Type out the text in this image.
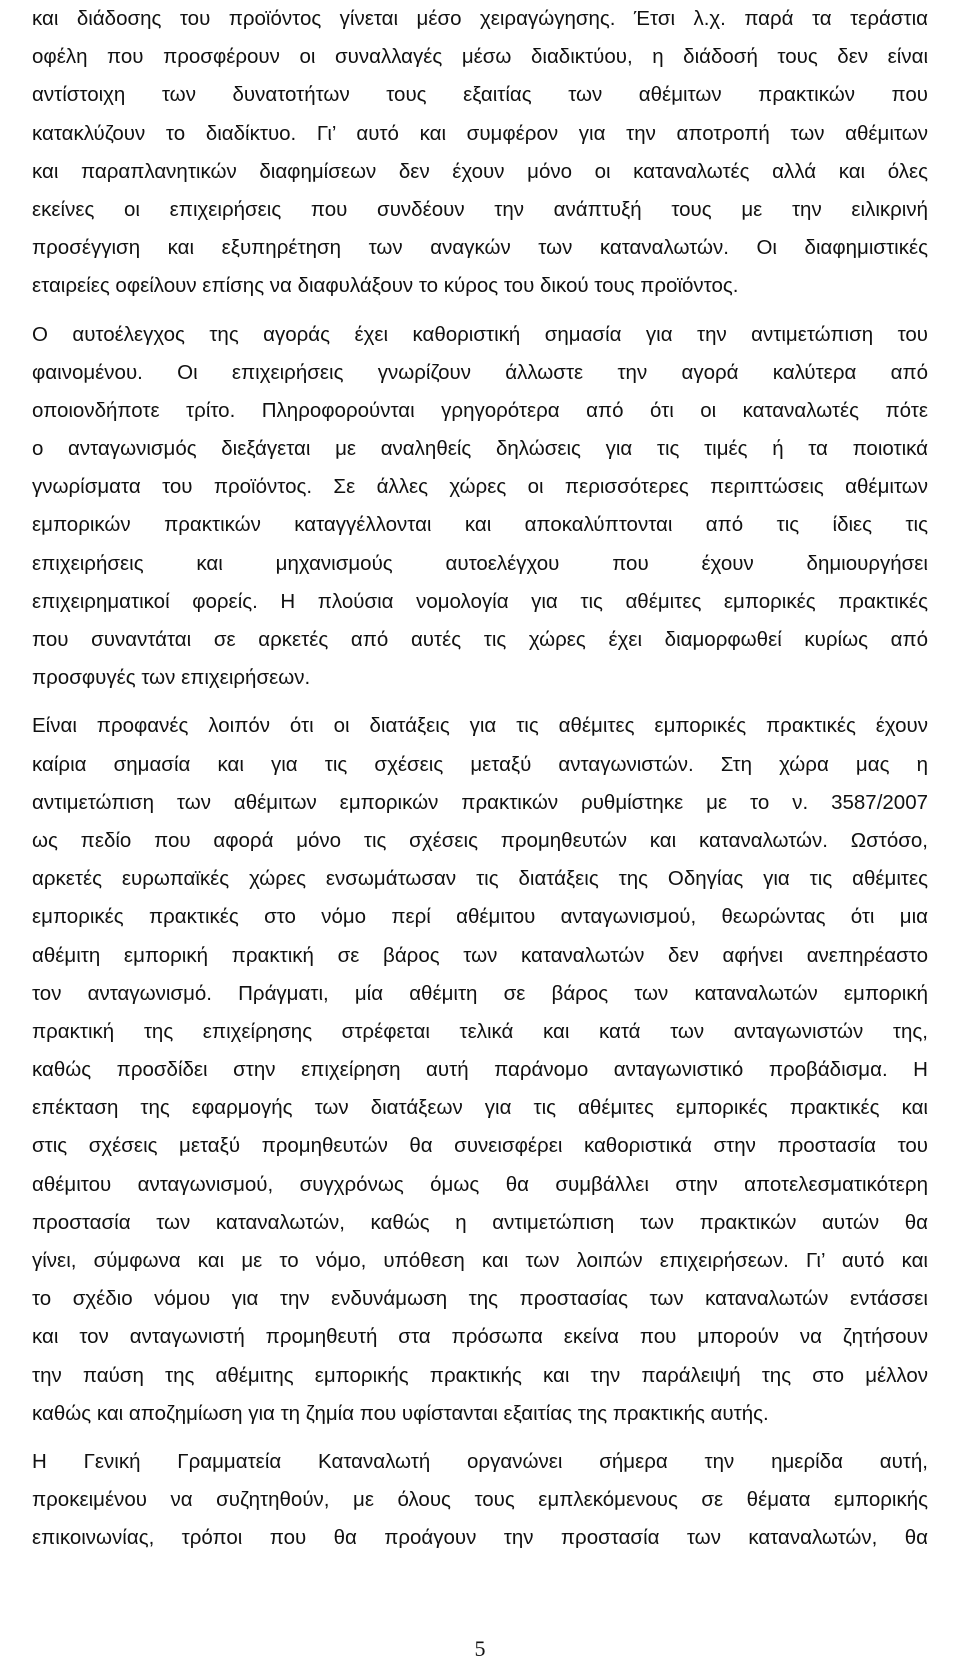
και διάδοσης του προϊόντος γίνεται μέσο χειραγώγησης. Έτσι λ.χ. παρά τα τεράστια
οφέλη που προσφέρουν οι συναλλαγές μέσω διαδικτύου, η διάδοσή τους δεν είναι
αντίστοιχη των δυνατοτήτων τους εξαιτίας των αθέμιτων πρακτικών που
κατακλύζουν το διαδίκτυο. Γι’ αυτό και συμφέρον για την αποτροπή των αθέμιτων
και παραπλανητικών διαφημίσεων δεν έχουν μόνο οι καταναλωτές αλλά και όλες
εκείνες οι επιχειρήσεις που συνδέουν την ανάπτυξή τους με την ειλικρινή
προσέγγιση και εξυπηρέτηση των αναγκών των καταναλωτών. Οι διαφημιστικές
εταιρείες οφείλουν επίσης να διαφυλάξουν το κύρος του δικού τους προϊόντος.
Ο αυτοέλεγχος της αγοράς έχει καθοριστική σημασία για την αντιμετώπιση του
φαινομένου. Οι επιχειρήσεις γνωρίζουν άλλωστε την αγορά καλύτερα από
οποιονδήποτε τρίτο. Πληροφορούνται γρηγορότερα από ότι οι καταναλωτές πότε
ο ανταγωνισμός διεξάγεται με αναληθείς δηλώσεις για τις τιμές ή τα ποιοτικά
γνωρίσματα του προϊόντος. Σε άλλες χώρες οι περισσότερες περιπτώσεις αθέμιτων
εμπορικών πρακτικών καταγγέλλονται και αποκαλύπτονται από τις ίδιες τις
επιχειρήσεις και μηχανισμούς αυτοελέγχου που έχουν δημιουργήσει
επιχειρηματικοί φορείς. Η πλούσια νομολογία για τις αθέμιτες εμπορικές πρακτικές
που συναντάται σε αρκετές από αυτές τις χώρες έχει διαμορφωθεί κυρίως από
προσφυγές των επιχειρήσεων.
Είναι προφανές λοιπόν ότι οι διατάξεις για τις αθέμιτες εμπορικές πρακτικές έχουν
καίρια σημασία και για τις σχέσεις μεταξύ ανταγωνιστών. Στη χώρα μας η
αντιμετώπιση των αθέμιτων εμπορικών πρακτικών ρυθμίστηκε με το ν. 3587/2007
ως πεδίο που αφορά μόνο τις σχέσεις προμηθευτών και καταναλωτών. Ωστόσο,
αρκετές ευρωπαϊκές χώρες ενσωμάτωσαν τις διατάξεις της Οδηγίας για τις αθέμιτες
εμπορικές πρακτικές στο νόμο περί αθέμιτου ανταγωνισμού, θεωρώντας ότι μια
αθέμιτη εμπορική πρακτική σε βάρος των καταναλωτών δεν αφήνει ανεπηρέαστο
τον ανταγωνισμό. Πράγματι, μία αθέμιτη σε βάρος των καταναλωτών εμπορική
πρακτική της επιχείρησης στρέφεται τελικά και κατά των ανταγωνιστών της,
καθώς προσδίδει στην επιχείρηση αυτή παράνομο ανταγωνιστικό προβάδισμα. Η
επέκταση της εφαρμογής των διατάξεων για τις αθέμιτες εμπορικές πρακτικές και
στις σχέσεις μεταξύ προμηθευτών θα συνεισφέρει καθοριστικά στην προστασία του
αθέμιτου ανταγωνισμού, συγχρόνως όμως θα συμβάλλει στην αποτελεσματικότερη
προστασία των καταναλωτών, καθώς η αντιμετώπιση των πρακτικών αυτών θα
γίνει, σύμφωνα και με το νόμο, υπόθεση και των λοιπών επιχειρήσεων. Γι’ αυτό και
το σχέδιο νόμου για την ενδυνάμωση της προστασίας των καταναλωτών εντάσσει
και τον ανταγωνιστή προμηθευτή στα πρόσωπα εκείνα που μπορούν να ζητήσουν
την παύση της αθέμιτης εμπορικής πρακτικής και την παράλειψή της στο μέλλον
καθώς και αποζημίωση για τη ζημία που υφίστανται εξαιτίας της πρακτικής αυτής.
Η Γενική Γραμματεία Καταναλωτή οργανώνει σήμερα την ημερίδα αυτή,
προκειμένου να συζητηθούν, με όλους τους εμπλεκόμενους σε θέματα εμπορικής
επικοινωνίας, τρόποι που θα προάγουν την προστασία των καταναλωτών, θα
5
